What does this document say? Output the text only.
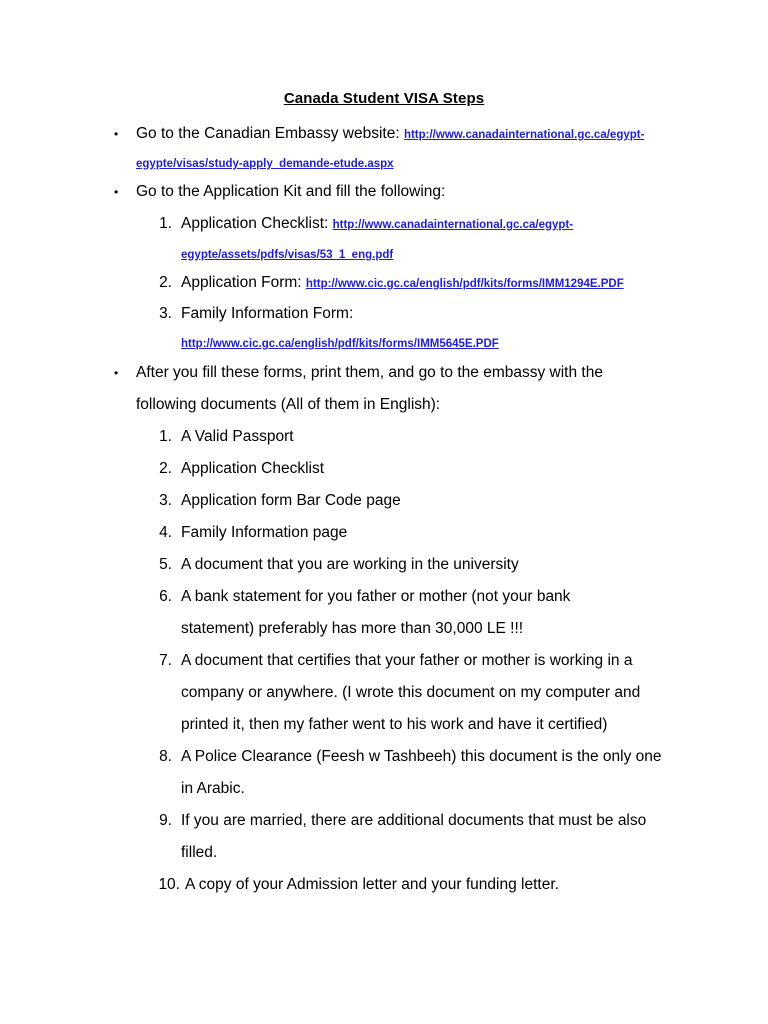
Canada Student VISA Steps
• Go to the Canadian Embassy website: http://www.canadainternational.gc.ca/egypt-
egypte/visas/study-apply_demande-etude.aspx
• Go to the Application Kit and fill the following:
1. Application Checklist: http://www.canadainternational.gc.ca/egypt-
egypte/assets/pdfs/visas/53_1_eng.pdf
2. Application Form: http://www.cic.gc.ca/english/pdf/kits/forms/IMM1294E.PDF
3. Family Information Form:
http://www.cic.gc.ca/english/pdf/kits/forms/IMM5645E.PDF
• After you fill these forms, print them, and go to the embassy with the
following documents (All of them in English):
1. A Valid Passport
2. Application Checklist
3. Application form Bar Code page
4. Family Information page
5. A document that you are working in the university
6. A bank statement for you father or mother (not your bank
statement) preferably has more than 30,000 LE !!!
7. A document that certifies that your father or mother is working in a
company or anywhere. (I wrote this document on my computer and
printed it, then my father went to his work and have it certified)
8. A Police Clearance (Feesh w Tashbeeh) this document is the only one
in Arabic.
9. If you are married, there are additional documents that must be also
filled.
10. A copy of your Admission letter and your funding letter.
